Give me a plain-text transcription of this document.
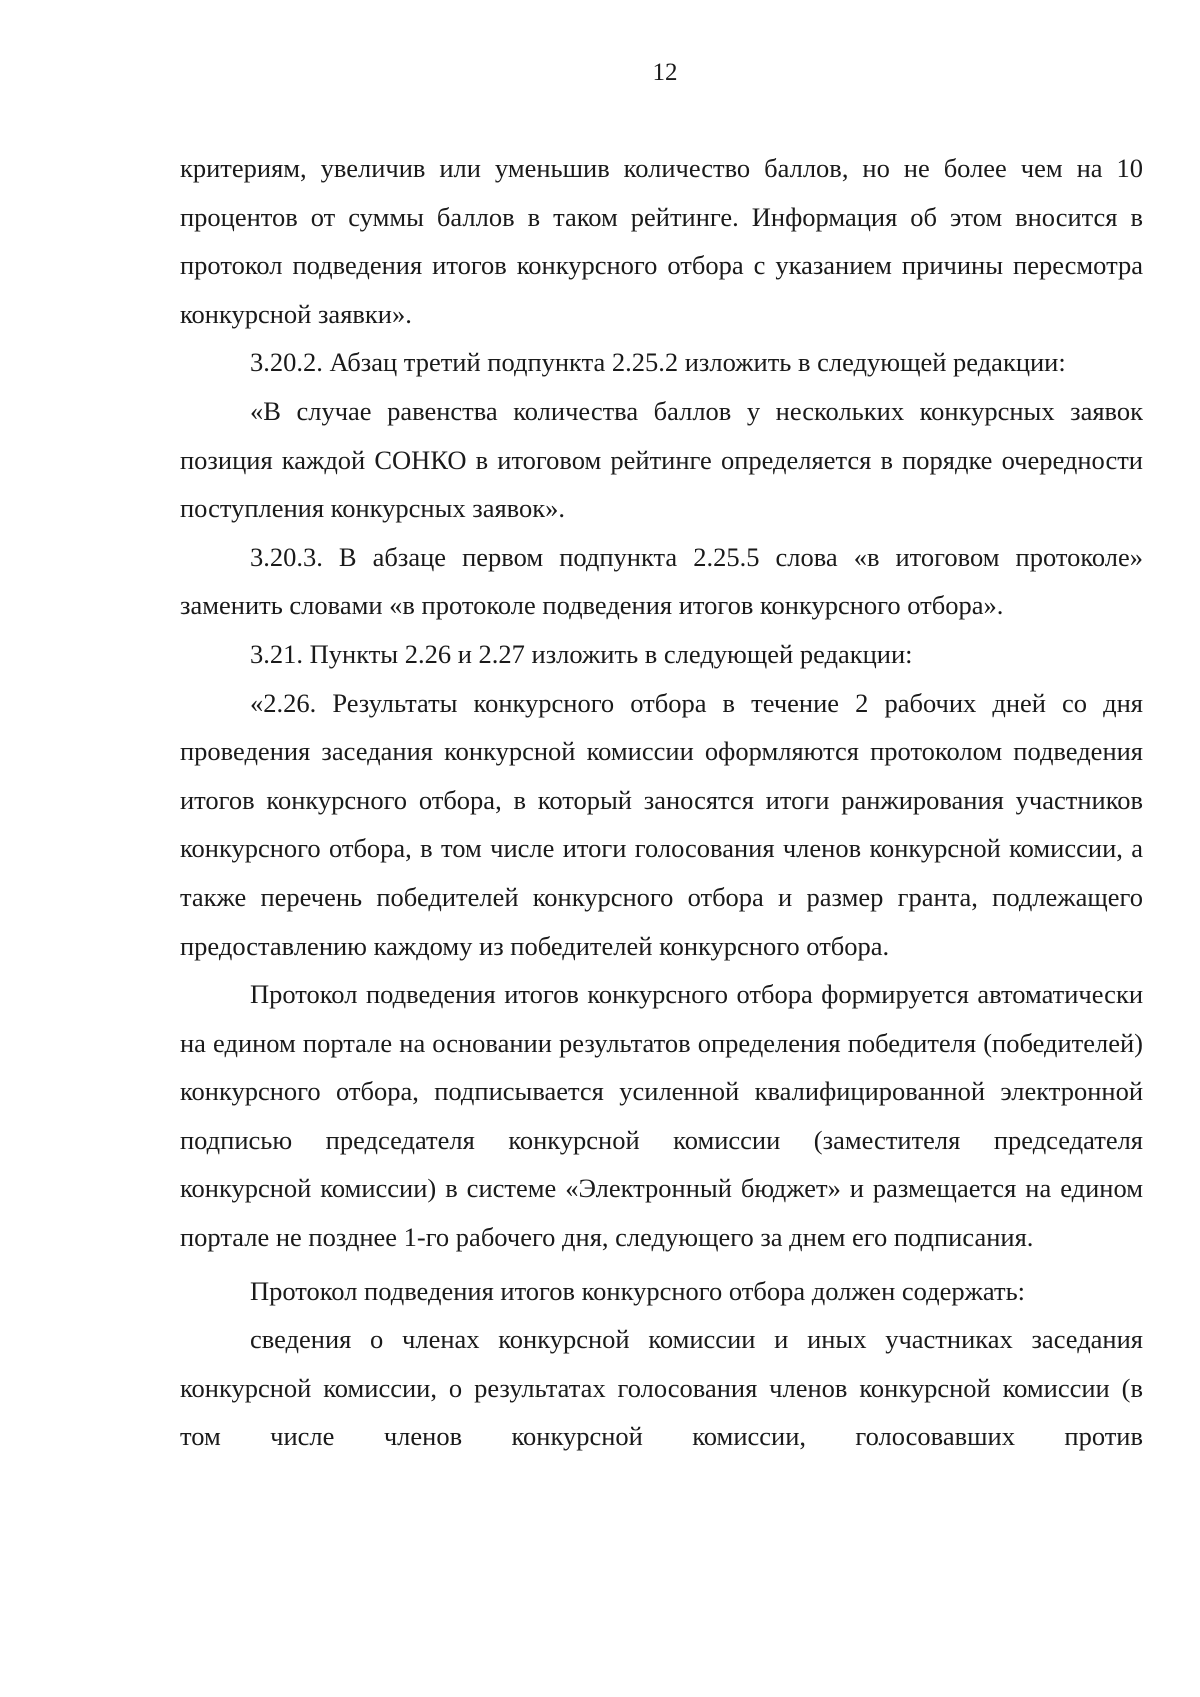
12

критериям, увеличив или уменьшив количество баллов, но не более чем на 10 процентов от суммы баллов в таком рейтинге. Информация об этом вносится в протокол подведения итогов конкурсного отбора с указанием причины пересмотра конкурсной заявки».

3.20.2. Абзац третий подпункта 2.25.2 изложить в следующей редакции:

«В случае равенства количества баллов у нескольких конкурсных заявок позиция каждой СОНКО в итоговом рейтинге определяется в порядке очередности поступления конкурсных заявок».

3.20.3. В абзаце первом подпункта 2.25.5 слова «в итоговом протоколе» заменить словами «в протоколе подведения итогов конкурсного отбора».

3.21. Пункты 2.26 и 2.27 изложить в следующей редакции:

«2.26. Результаты конкурсного отбора в течение 2 рабочих дней со дня проведения заседания конкурсной комиссии оформляются протоколом подведения итогов конкурсного отбора, в который заносятся итоги ранжирования участников конкурсного отбора, в том числе итоги голосования членов конкурсной комиссии, а также перечень победителей конкурсного отбора и размер гранта, подлежащего предоставлению каждому из победителей конкурсного отбора.

Протокол подведения итогов конкурсного отбора формируется автоматически на едином портале на основании результатов определения победителя (победителей) конкурсного отбора, подписывается усиленной квалифицированной электронной подписью председателя конкурсной комиссии (заместителя председателя конкурсной комиссии) в системе «Электронный бюджет» и размещается на едином портале не позднее 1-го рабочего дня, следующего за днем его подписания.

Протокол подведения итогов конкурсного отбора должен содержать:

сведения о членах конкурсной комиссии и иных участниках заседания конкурсной комиссии, о результатах голосования членов конкурсной комиссии (в том числе членов конкурсной комиссии, голосовавших против
